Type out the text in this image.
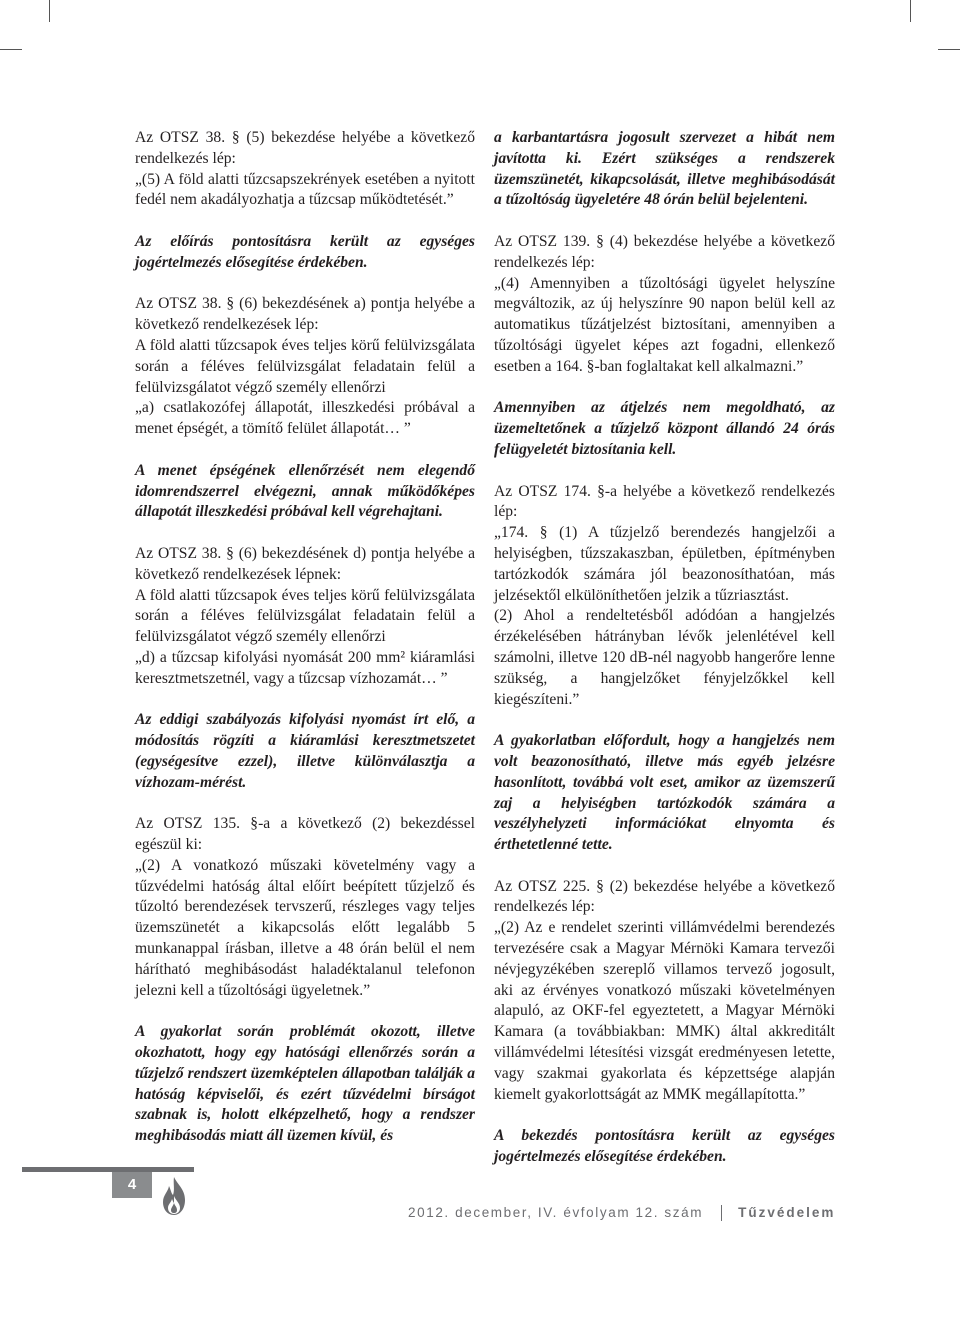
Az OTSZ 38. § (5) bekezdése helyébe a következő rendelkezés lép:

„(5) A föld alatti tűzcsapszekrények esetében a nyitott fedél nem akadályozhatja a tűzcsap működtetését.”

Az előírás pontosításra került az egységes jogértelmezés elősegítése érdekében.

Az OTSZ 38. § (6) bekezdésének a) pontja helyébe a következő rendelkezések lép:

A föld alatti tűzcsapok éves teljes körű felülvizsgálata során a féléves felülvizsgálat feladatain felül a felülvizsgálatot végző személy ellenőrzi

„a) csatlakozófej állapotát, illeszkedési próbával a menet épségét, a tömítő felület állapotát… ”

A menet épségének ellenőrzését nem elegendő idomrendszerrel elvégezni, annak működőképes állapotát illeszkedési próbával kell végrehajtani.

Az OTSZ 38. § (6) bekezdésének d) pontja helyébe a következő rendelkezések lépnek:

A föld alatti tűzcsapok éves teljes körű felülvizsgálata során a féléves felülvizsgálat feladatain felül a felülvizsgálatot végző személy ellenőrzi

„d) a tűzcsap kifolyási nyomását 200 mm² kiáramlási keresztmetszetnél, vagy a tűzcsap vízhozamát… ”

Az eddigi szabályozás kifolyási nyomást írt elő, a módosítás rögzíti a kiáramlási keresztmetszetet (egységesítve ezzel), illetve különválasztja a vízhozam-mérést.

Az OTSZ 135. §-a a következő (2) bekezdéssel egészül ki:

„(2) A vonatkozó műszaki követelmény vagy a tűzvédelmi hatóság által előírt beépített tűzjelző és tűzoltó berendezések tervszerű, részleges vagy teljes üzemszünetét a kikapcsolás előtt legalább 5 munkanappal írásban, illetve a 48 órán belül el nem hárítható meghibásodást haladéktalanul telefonon jelezni kell a tűzoltósági ügyeletnek.”

A gyakorlat során problémát okozott, illetve okozhatott, hogy egy hatósági ellenőrzés során a tűzjelző rendszert üzemképtelen állapotban találják a hatóság képviselői, és ezért tűzvédelmi bírságot szabnak is, holott elképzelhető, hogy a rendszer meghibásodás miatt áll üzemen kívül, és

a karbantartásra jogosult szervezet a hibát nem javította ki. Ezért szükséges a rendszerek üzemszünetét, kikapcsolását, illetve meghibásodását a tűzoltóság ügyeletére 48 órán belül bejelenteni.

Az OTSZ 139. § (4) bekezdése helyébe a következő rendelkezés lép:

„(4) Amennyiben a tűzoltósági ügyelet helyszíne megváltozik, az új helyszínre 90 napon belül kell az automatikus tűzátjelzést biztosítani, amennyiben a tűzoltósági ügyelet képes azt fogadni, ellenkező esetben a 164. §-ban foglaltakat kell alkalmazni.”

Amennyiben az átjelzés nem megoldható, az üzemeltetőnek a tűzjelző központ állandó 24 órás felügyeletét biztosítania kell.

Az OTSZ 174. §-a helyébe a következő rendelkezés lép:

„174. § (1) A tűzjelző berendezés hangjelzői a helyiségben, tűzszakaszban, épületben, építményben tartózkodók számára jól beazonosíthatóan, más jelzésektől elkülöníthetően jelzik a tűzriasztást.

(2) Ahol a rendeltetésből adódóan a hangjelzés érzékelésében hátrányban lévők jelenlétével kell számolni, illetve 120 dB-nél nagyobb hangerőre lenne szükség, a hangjelzőket fényjelzőkkel kell kiegészíteni.”

A gyakorlatban előfordult, hogy a hangjelzés nem volt beazonosítható, illetve más egyéb jelzésre hasonlított, továbbá volt eset, amikor az üzemszerű zaj a helyiségben tartózkodók számára a veszélyhelyzeti információkat elnyomta és érthetetlenné tette.

Az OTSZ 225. § (2) bekezdése helyébe a következő rendelkezés lép:

„(2) Az e rendelet szerinti villámvédelmi berendezés tervezésére csak a Magyar Mérnöki Kamara tervezői névjegyzékében szereplő villamos tervező jogosult, aki az érvényes vonatkozó műszaki követelményen alapuló, az OKF-fel egyeztetett, a Magyar Mérnöki Kamara (a továbbiakban: MMK) által akkreditált villámvédelmi létesítési vizsgát eredményesen letette, vagy szakmai gyakorlata és képzettsége alapján kiemelt gyakorlottságát az MMK megállapította.”

A bekezdés pontosításra került az egységes jogértelmezés elősegítése érdekében.

4
2012. december, IV. évfolyam 12. szám	Tűzvédelem
